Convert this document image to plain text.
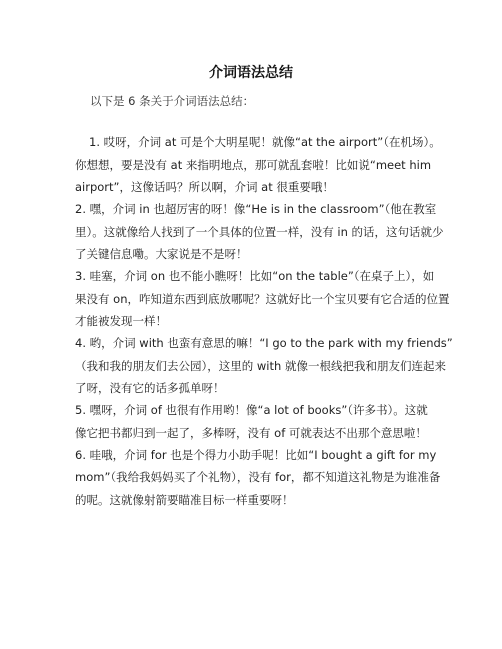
介词语法总结

以下是 6 条关于介词语法总结：

1. 哎呀，介词 at 可是个大明星呢！就像“at the airport”（在机场）。
你想想，要是没有 at 来指明地点，那可就乱套啦！比如说“meet him
airport”，这像话吗？所以啊，介词 at 很重要哦！
2. 嘿，介词 in 也超厉害的呀！像“He is in the classroom”（他在教室
里）。这就像给人找到了一个具体的位置一样，没有 in 的话，这句话就少
了关键信息嘞。大家说是不是呀！
3. 哇塞，介词 on 也不能小瞧呀！比如“on the table”（在桌子上），如
果没有 on，咋知道东西到底放哪呢？这就好比一个宝贝要有它合适的位置
才能被发现一样！
4. 哟，介词 with 也蛮有意思的嘛！“I go to the park with my friends”
（我和我的朋友们去公园），这里的 with 就像一根线把我和朋友们连起来
了呀，没有它的话多孤单呀！
5. 嘿呀，介词 of 也很有作用哟！像“a lot of books”（许多书）。这就
像它把书都归到一起了，多棒呀，没有 of 可就表达不出那个意思啦！
6. 哇哦，介词 for 也是个得力小助手呢！比如“I bought a gift for my
mom”（我给我妈妈买了个礼物），没有 for，都不知道这礼物是为谁准备
的呢。这就像射箭要瞄准目标一样重要呀！
